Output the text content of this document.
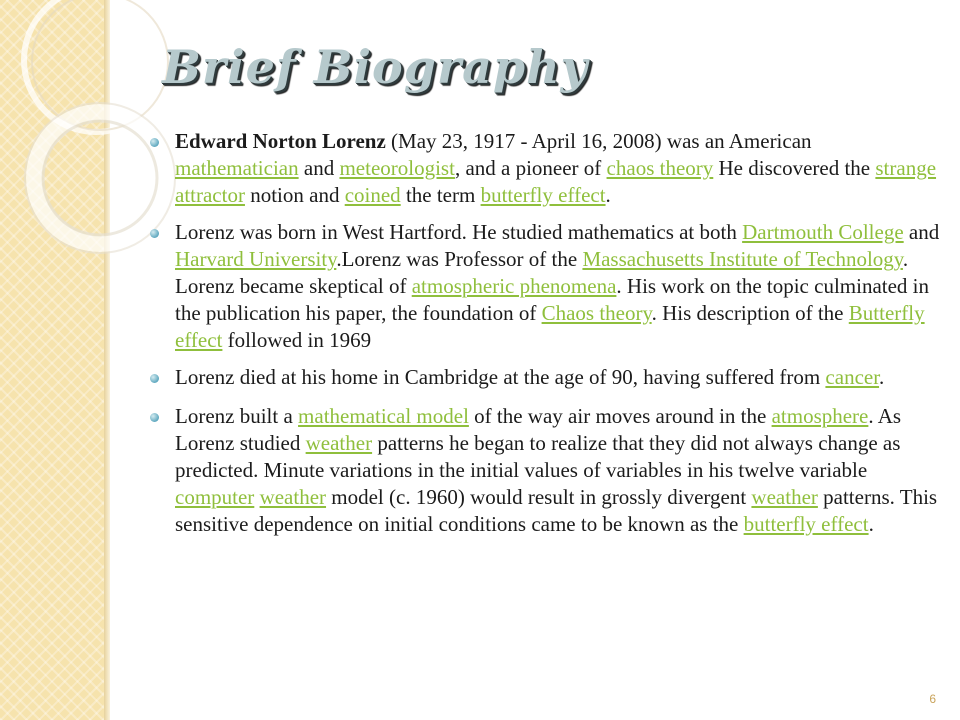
Brief Biography
Edward Norton Lorenz (May 23, 1917 - April 16, 2008) was an American mathematician and meteorologist, and a pioneer of chaos theory He discovered the strange attractor notion and coined the term butterfly effect.
Lorenz was born in West Hartford. He studied mathematics at both Dartmouth College and Harvard University.Lorenz was Professor of the Massachusetts Institute of Technology. Lorenz became skeptical of atmospheric phenomena. His work on the topic culminated in the publication his paper, the foundation of Chaos theory. His description of the Butterfly effect followed in 1969
Lorenz died at his home in Cambridge at the age of 90, having suffered from cancer.
Lorenz built a mathematical model of the way air moves around in the atmosphere. As Lorenz studied weather patterns he began to realize that they did not always change as predicted. Minute variations in the initial values of variables in his twelve variable computer weather model (c. 1960) would result in grossly divergent weather patterns. This sensitive dependence on initial conditions came to be known as the butterfly effect.
6
